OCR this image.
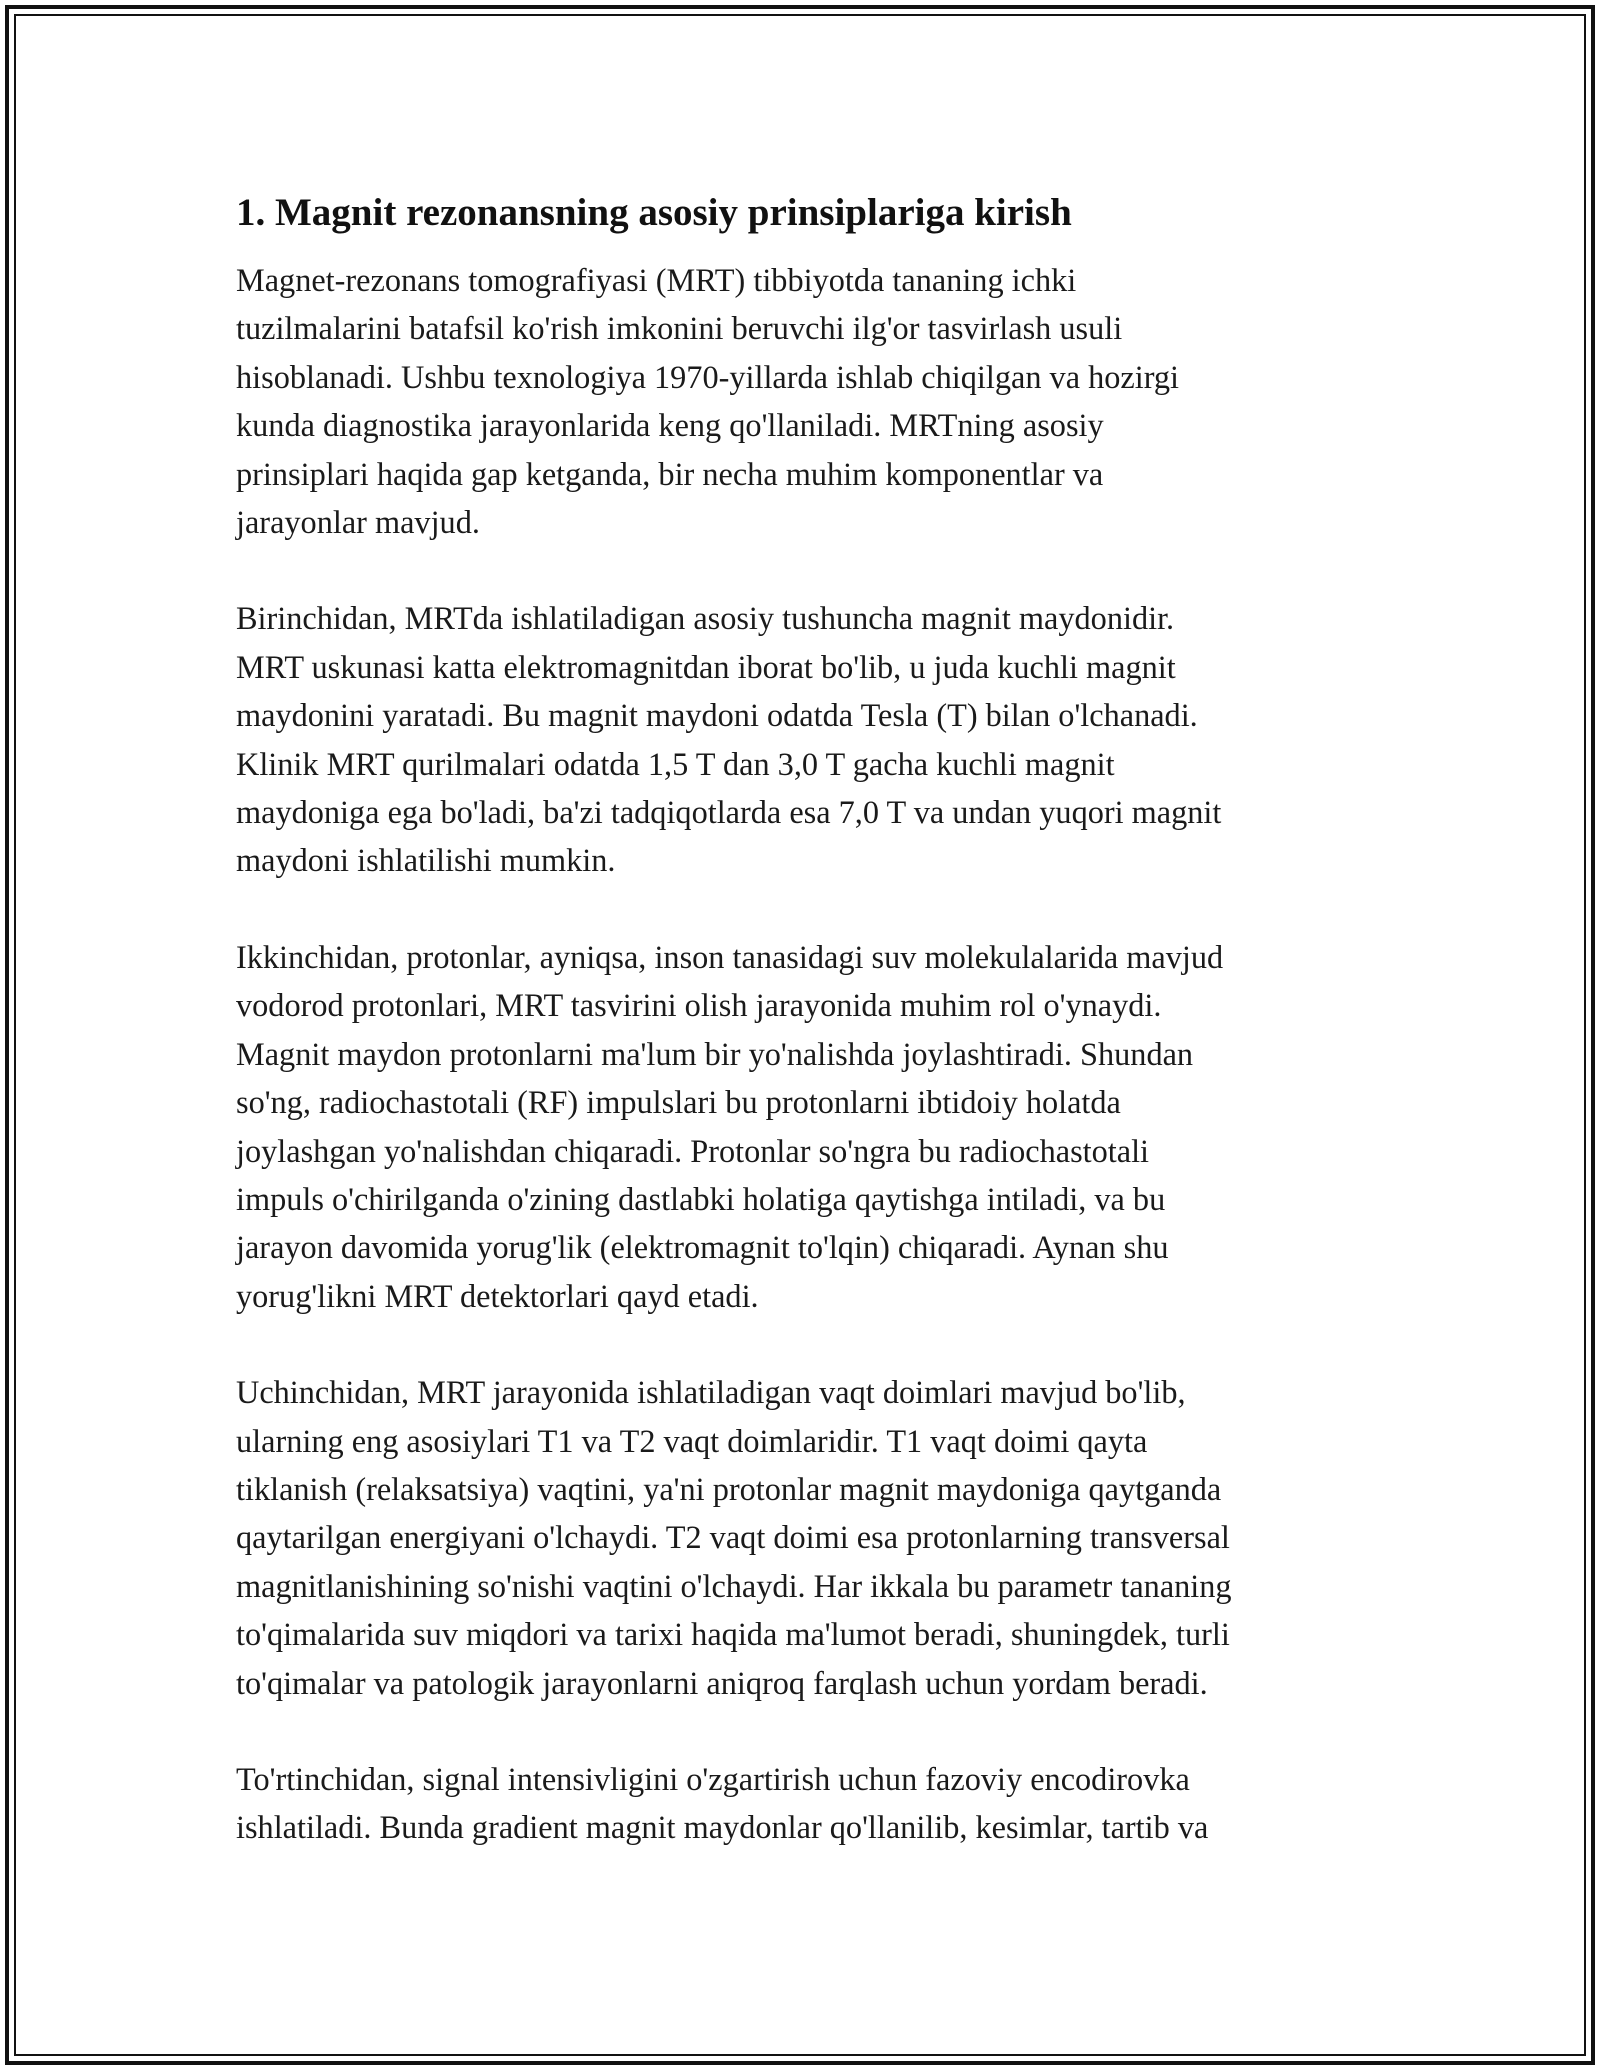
1. Magnit rezonansning asosiy prinsiplariga kirish
Magnet-rezonans tomografiyasi (MRT) tibbiyotda tananing ichki
tuzilmalarini batafsil ko'rish imkonini beruvchi ilg'or tasvirlash usuli
hisoblanadi. Ushbu texnologiya 1970-yillarda ishlab chiqilgan va hozirgi
kunda diagnostika jarayonlarida keng qo'llaniladi. MRTning asosiy
prinsiplari haqida gap ketganda, bir necha muhim komponentlar va
jarayonlar mavjud.
Birinchidan, MRTda ishlatiladigan asosiy tushuncha magnit maydonidir.
MRT uskunasi katta elektromagnitdan iborat bo'lib, u juda kuchli magnit
maydonini yaratadi. Bu magnit maydoni odatda Tesla (T) bilan o'lchanadi.
Klinik MRT qurilmalari odatda 1,5 T dan 3,0 T gacha kuchli magnit
maydoniga ega bo'ladi, ba'zi tadqiqotlarda esa 7,0 T va undan yuqori magnit
maydoni ishlatilishi mumkin.
Ikkinchidan, protonlar, ayniqsa, inson tanasidagi suv molekulalarida mavjud
vodorod protonlari, MRT tasvirini olish jarayonida muhim rol o'ynaydi.
Magnit maydon protonlarni ma'lum bir yo'nalishda joylashtiradi. Shundan
so'ng, radiochastotali (RF) impulslari bu protonlarni ibtidoiy holatda
joylashgan yo'nalishdan chiqaradi. Protonlar so'ngra bu radiochastotali
impuls o'chirilganda o'zining dastlabki holatiga qaytishga intiladi, va bu
jarayon davomida yorug'lik (elektromagnit to'lqin) chiqaradi. Aynan shu
yorug'likni MRT detektorlari qayd etadi.
Uchinchidan, MRT jarayonida ishlatiladigan vaqt doimlari mavjud bo'lib,
ularning eng asosiylari T1 va T2 vaqt doimlaridir. T1 vaqt doimi qayta
tiklanish (relaksatsiya) vaqtini, ya'ni protonlar magnit maydoniga qaytganda
qaytarilgan energiyani o'lchaydi. T2 vaqt doimi esa protonlarning transversal
magnitlanishining so'nishi vaqtini o'lchaydi. Har ikkala bu parametr tananing
to'qimalarida suv miqdori va tarixi haqida ma'lumot beradi, shuningdek, turli
to'qimalar va patologik jarayonlarni aniqroq farqlash uchun yordam beradi.
To'rtinchidan, signal intensivligini o'zgartirish uchun fazoviy encodirovka
ishlatiladi. Bunda gradient magnit maydonlar qo'llanilib, kesimlar, tartib va
